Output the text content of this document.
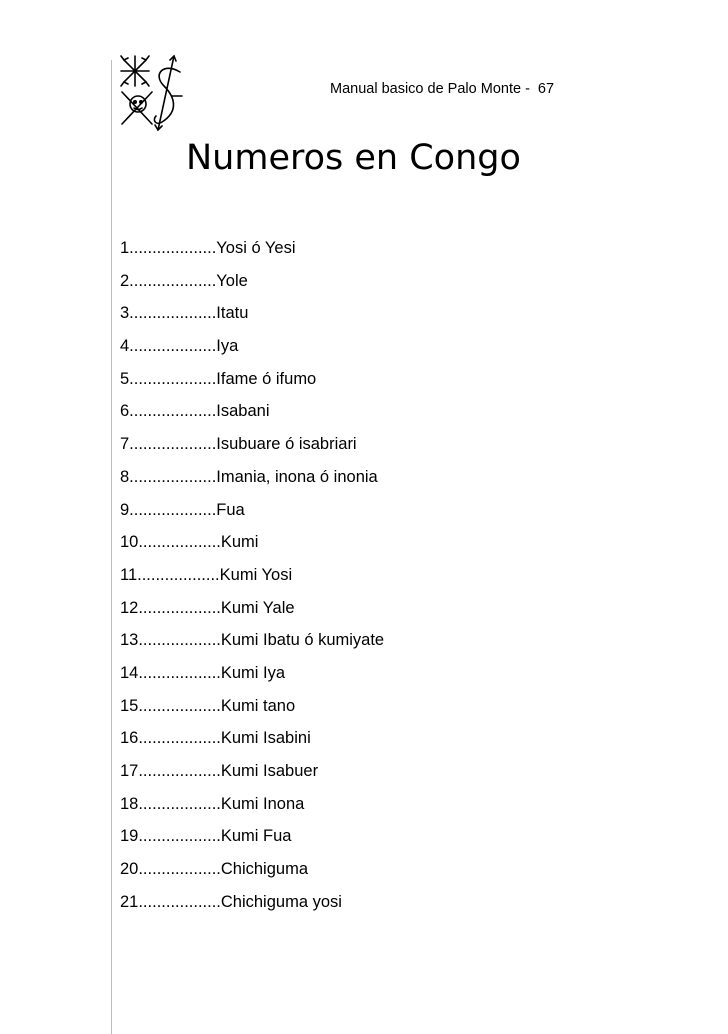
Manual basico de Palo Monte - 67
Numeros en Congo
1...................Yosi ó Yesi
2...................Yole
3...................Itatu
4...................Iya
5...................Ifame ó ifumo
6...................Isabani
7...................Isubuare ó isabriari
8...................Imania, inona ó inonia
9...................Fua
10..................Kumi
11..................Kumi Yosi
12..................Kumi Yale
13..................Kumi Ibatu ó kumiyate
14..................Kumi Iya
15..................Kumi tano
16..................Kumi Isabini
17..................Kumi Isabuer
18..................Kumi Inona
19..................Kumi Fua
20..................Chichiguma
21..................Chichiguma yosi
